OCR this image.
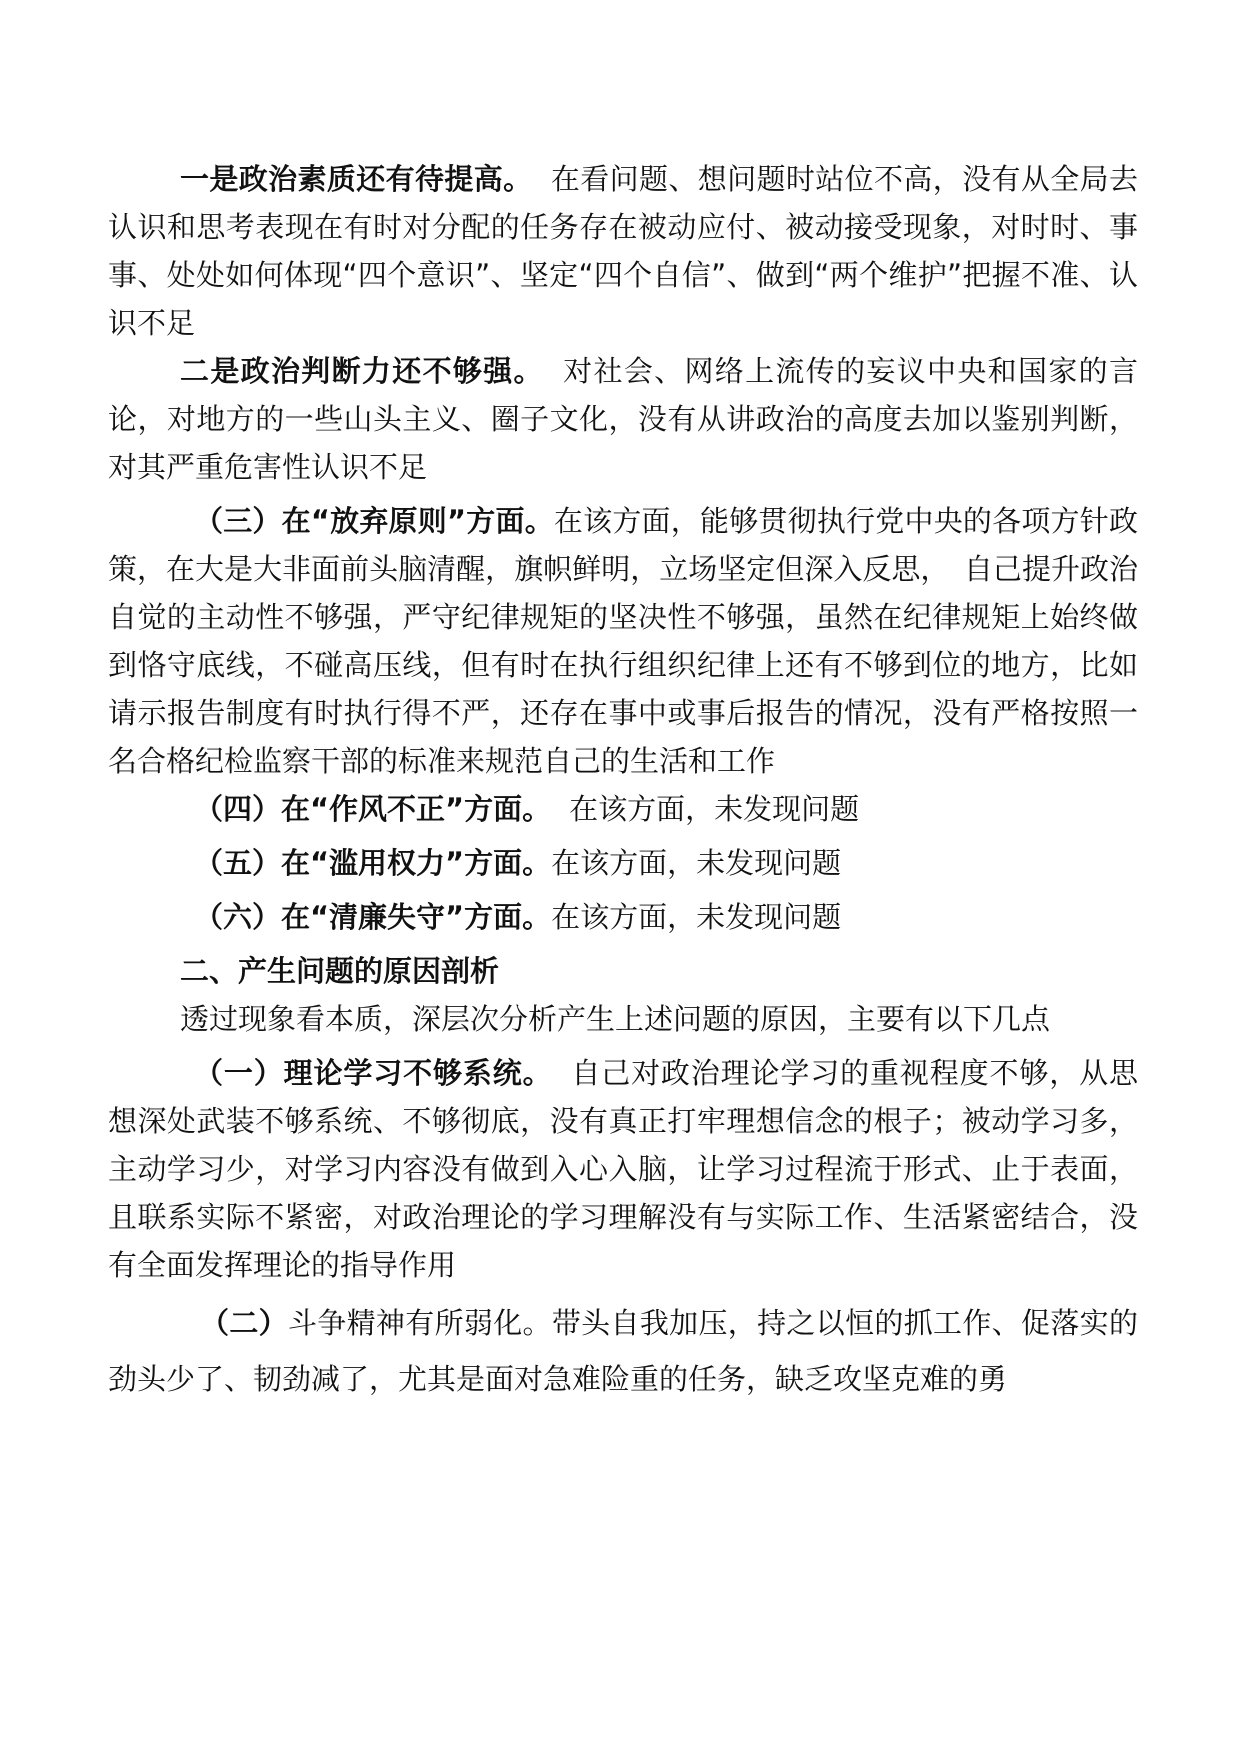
一是政治素质还有待提高。 在看问题、想问题时站位不高，没有从全局去认识和思考表现在有时对分配的任务存在被动应付、被动接受现象，对时时、事事、处处如何体现“四个意识”、坚定“四个自信”、做到“两个维护”把握不准、认识不足

二是政治判断力还不够强。 对社会、网络上流传的妄议中央和国家的言论，对地方的一些山头主义、圈子文化，没有从讲政治的高度去加以鉴别判断，对其严重危害性认识不足

（三）在“放弃原则”方面。在该方面，能够贯彻执行党中央的各项方针政策，在大是大非面前头脑清醒，旗帜鲜明，立场坚定但深入反思，　自己提升政治自觉的主动性不够强，严守纪律规矩的坚决性不够强，虽然在纪律规矩上始终做到恪守底线，不碰高压线，但有时在执行组织纪律上还有不够到位的地方，比如请示报告制度有时执行得不严，还存在事中或事后报告的情况，没有严格按照一名合格纪检监察干部的标准来规范自己的生活和工作

（四）在“作风不正”方面。 在该方面，未发现问题

（五）在“滥用权力”方面。在该方面，未发现问题

（六）在“清廉失守”方面。在该方面，未发现问题

二、产生问题的原因剖析

透过现象看本质，深层次分析产生上述问题的原因，主要有以下几点

（一）理论学习不够系统。 自己对政治理论学习的重视程度不够，从思想深处武装不够系统、不够彻底，没有真正打牢理想信念的根子；被动学习多，主动学习少，对学习内容没有做到入心入脑，让学习过程流于形式、止于表面，且联系实际不紧密，对政治理论的学习理解没有与实际工作、生活紧密结合，没有全面发挥理论的指导作用

（二）斗争精神有所弱化。带头自我加压，持之以恒的抓工作、促落实的劲头少了、韧劲减了，尤其是面对急难险重的任务，缺乏攻坚克难的勇
